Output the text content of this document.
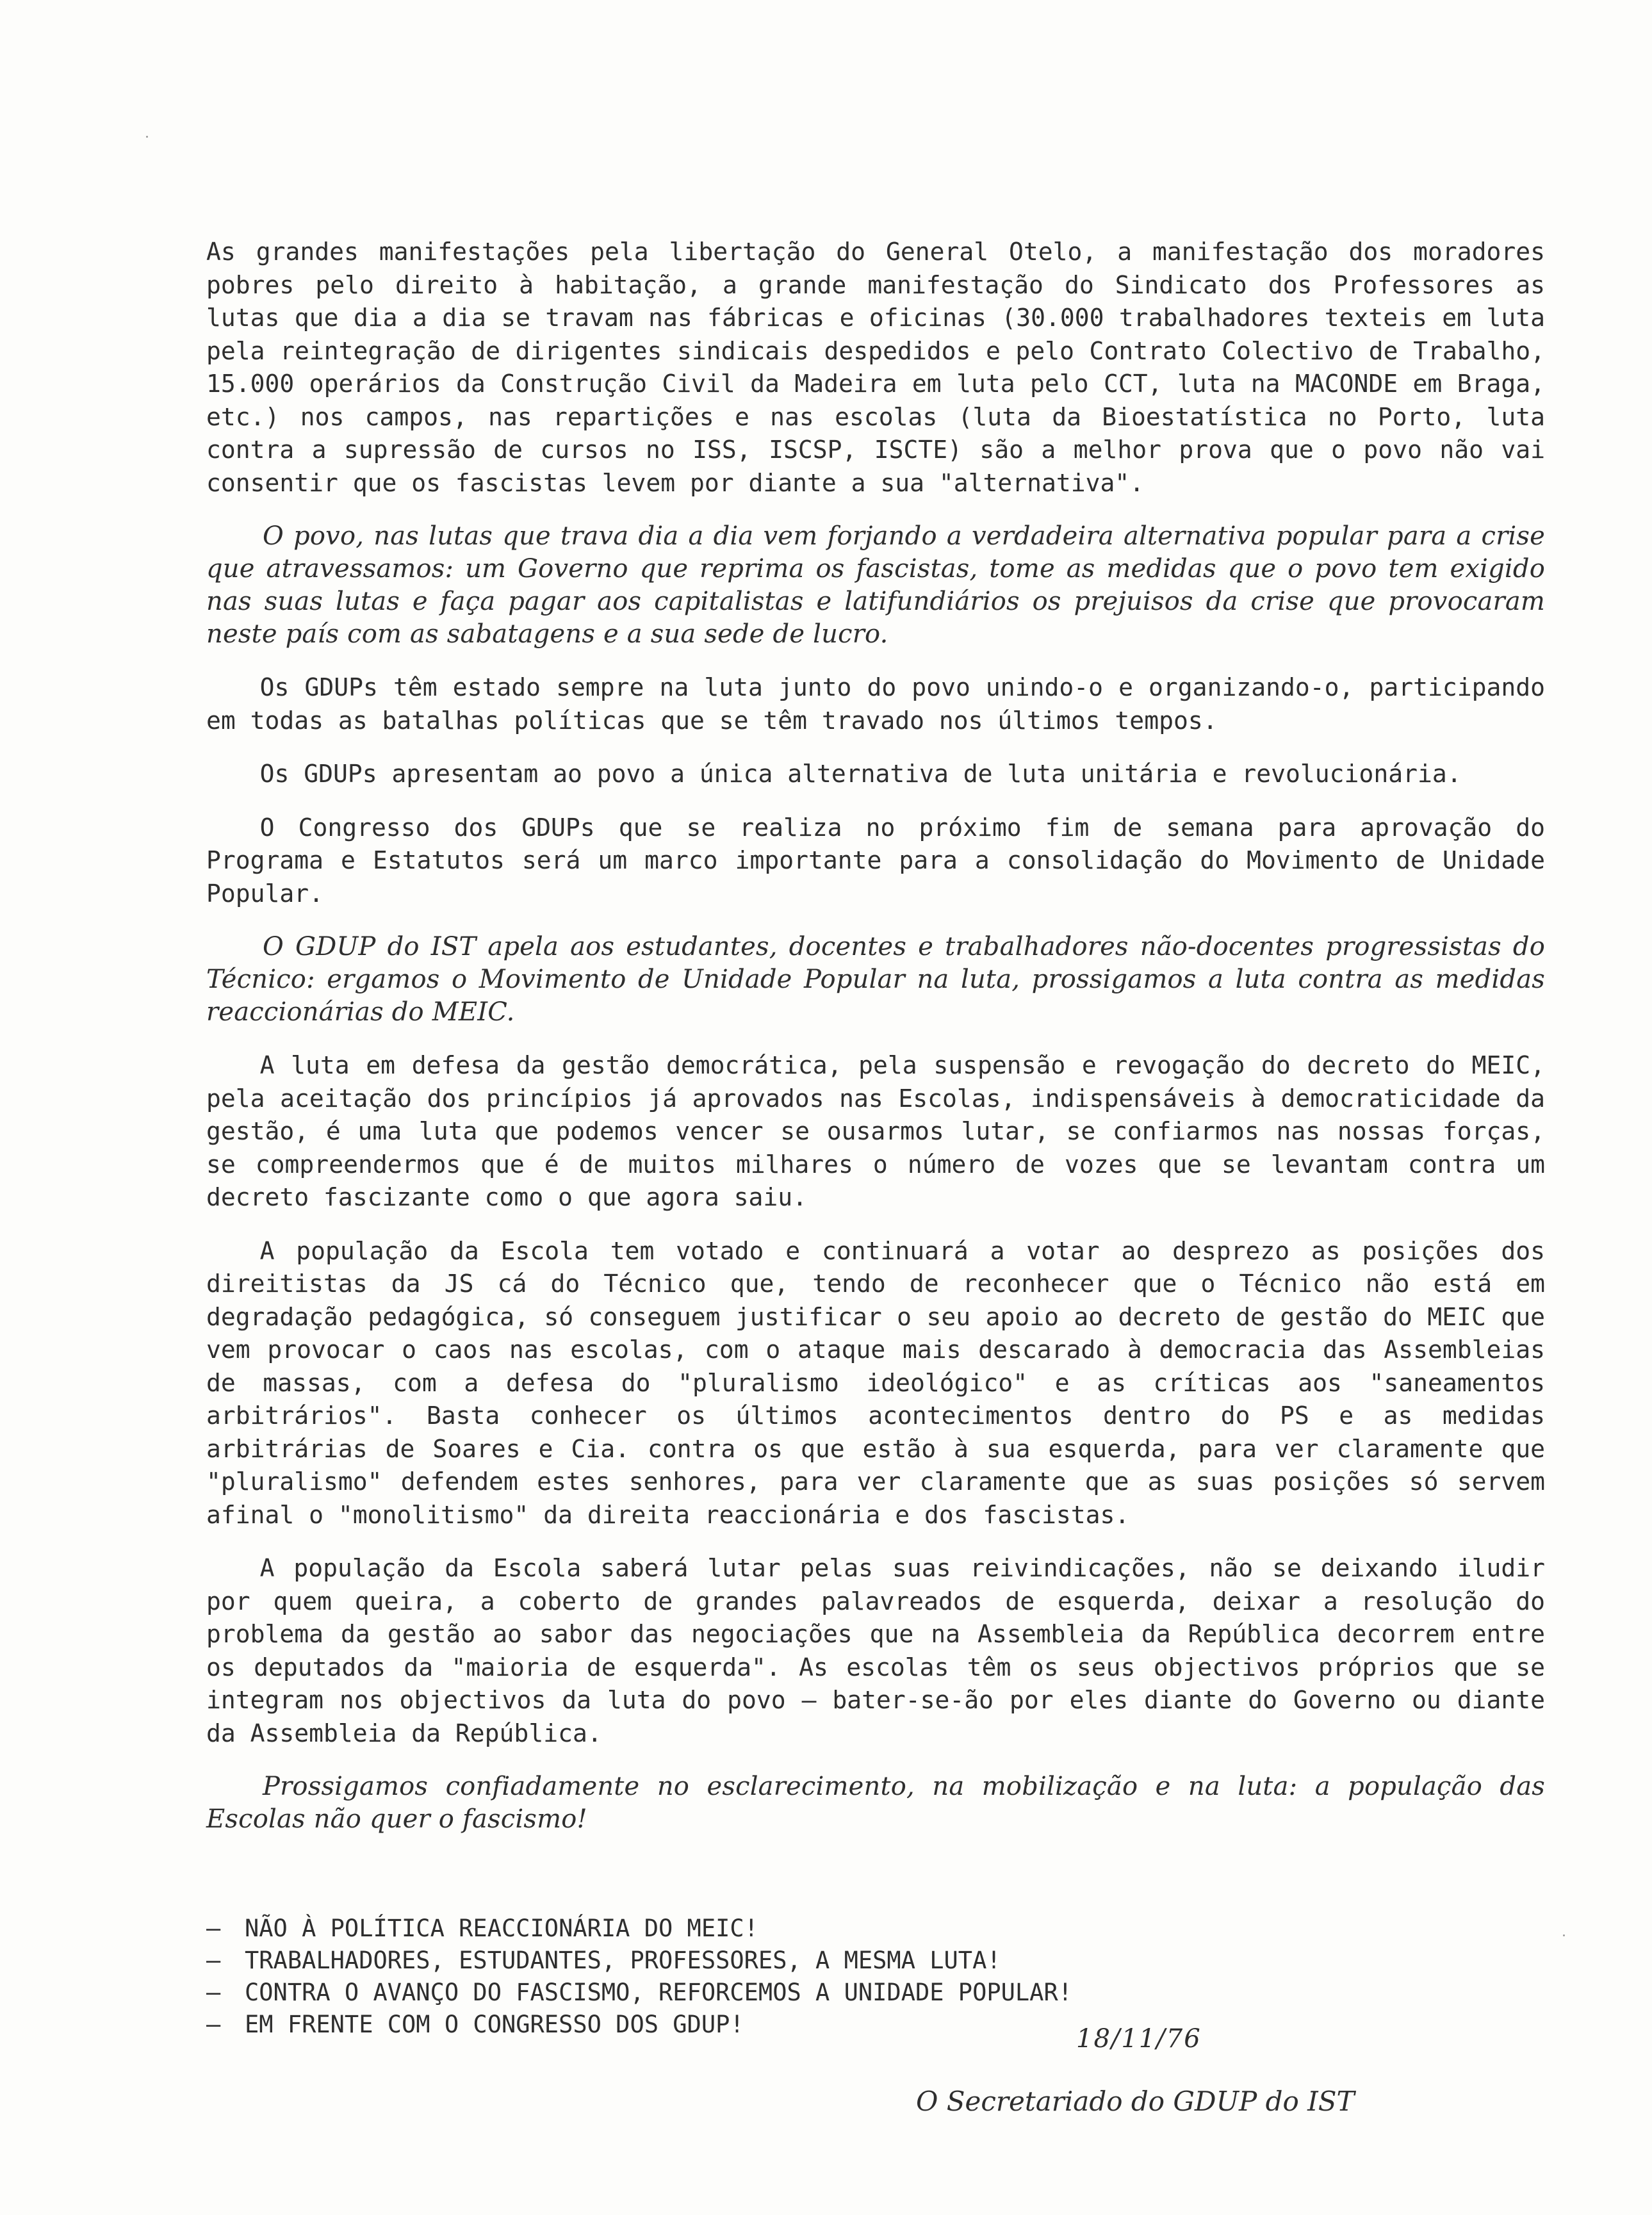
As grandes manifestações pela libertação do General Otelo, a manifestação dos moradores pobres pelo direito à habitação, a grande manifestação do Sindicato dos Professores as lutas que dia a dia se travam nas fábricas e oficinas (30.000 trabalhadores texteis em luta pela reintegração de dirigentes sindicais despedidos e pelo Contrato Colectivo de Trabalho, 15.000 operários da Construção Civil da Madeira em luta pelo CCT, luta na MACONDE em Braga, etc.) nos campos, nas repartições e nas escolas (luta da Bioestatística no Porto, luta contra a supressão de cursos no ISS, ISCSP, ISCTE) são a melhor prova que o povo não vai consentir que os fascistas levem por diante a sua "alternativa".

O povo, nas lutas que trava dia a dia vem forjando a verdadeira alternativa popular para a crise que atravessamos: um Governo que reprima os fascistas, tome as medidas que o povo tem exigido nas suas lutas e faça pagar aos capitalistas e latifundiários os prejuisos da crise que provocaram neste país com as sabatagens e a sua sede de lucro.

Os GDUPs têm estado sempre na luta junto do povo unindo-o e organizando-o, participando em todas as batalhas políticas que se têm travado nos últimos tempos.

Os GDUPs apresentam ao povo a única alternativa de luta unitária e revolucionária.

O Congresso dos GDUPs que se realiza no próximo fim de semana para aprovação do Programa e Estatutos será um marco importante para a consolidação do Movimento de Unidade Popular.

O GDUP do IST apela aos estudantes, docentes e trabalhadores não-docentes progressistas do Técnico: ergamos o Movimento de Unidade Popular na luta, prossigamos a luta contra as medidas reaccionárias do MEIC.

A luta em defesa da gestão democrática, pela suspensão e revogação do decreto do MEIC, pela aceitação dos princípios já aprovados nas Escolas, indispensáveis à democraticidade da gestão, é uma luta que podemos vencer se ousarmos lutar, se confiarmos nas nossas forças, se compreendermos que é de muitos milhares o número de vozes que se levantam contra um decreto fascizante como o que agora saiu.

A população da Escola tem votado e continuará a votar ao desprezo as posições dos direitistas da JS cá do Técnico que, tendo de reconhecer que o Técnico não está em degradação pedagógica, só conseguem justificar o seu apoio ao decreto de gestão do MEIC que vem provocar o caos nas escolas, com o ataque mais descarado à democracia das Assembleias de massas, com a defesa do "pluralismo ideológico" e as críticas aos "saneamentos arbitrários". Basta conhecer os últimos acontecimentos dentro do PS e as medidas arbitrárias de Soares e Cia. contra os que estão à sua esquerda, para ver claramente que "pluralismo" defendem estes senhores, para ver claramente que as suas posições só servem afinal o "monolitismo" da direita reaccionária e dos fascistas.

A população da Escola saberá lutar pelas suas reivindicações, não se deixando iludir por quem queira, a coberto de grandes palavreados de esquerda, deixar a resolução do problema da gestão ao sabor das negociações que na Assembleia da República decorrem entre os deputados da "maioria de esquerda". As escolas têm os seus objectivos próprios que se integram nos objectivos da luta do povo — bater-se-ão por eles diante do Governo ou diante da Assembleia da República.

Prossigamos confiadamente no esclarecimento, na mobilização e na luta: a população das Escolas não quer o fascismo!

— NÃO À POLÍTICA REACCIONÁRIA DO MEIC!
— TRABALHADORES, ESTUDANTES, PROFESSORES, A MESMA LUTA!
— CONTRA O AVANÇO DO FASCISMO, REFORCEMOS A UNIDADE POPULAR!
— EM FRENTE COM O CONGRESSO DOS GDUP!	18/11/76

O Secretariado do GDUP do IST
